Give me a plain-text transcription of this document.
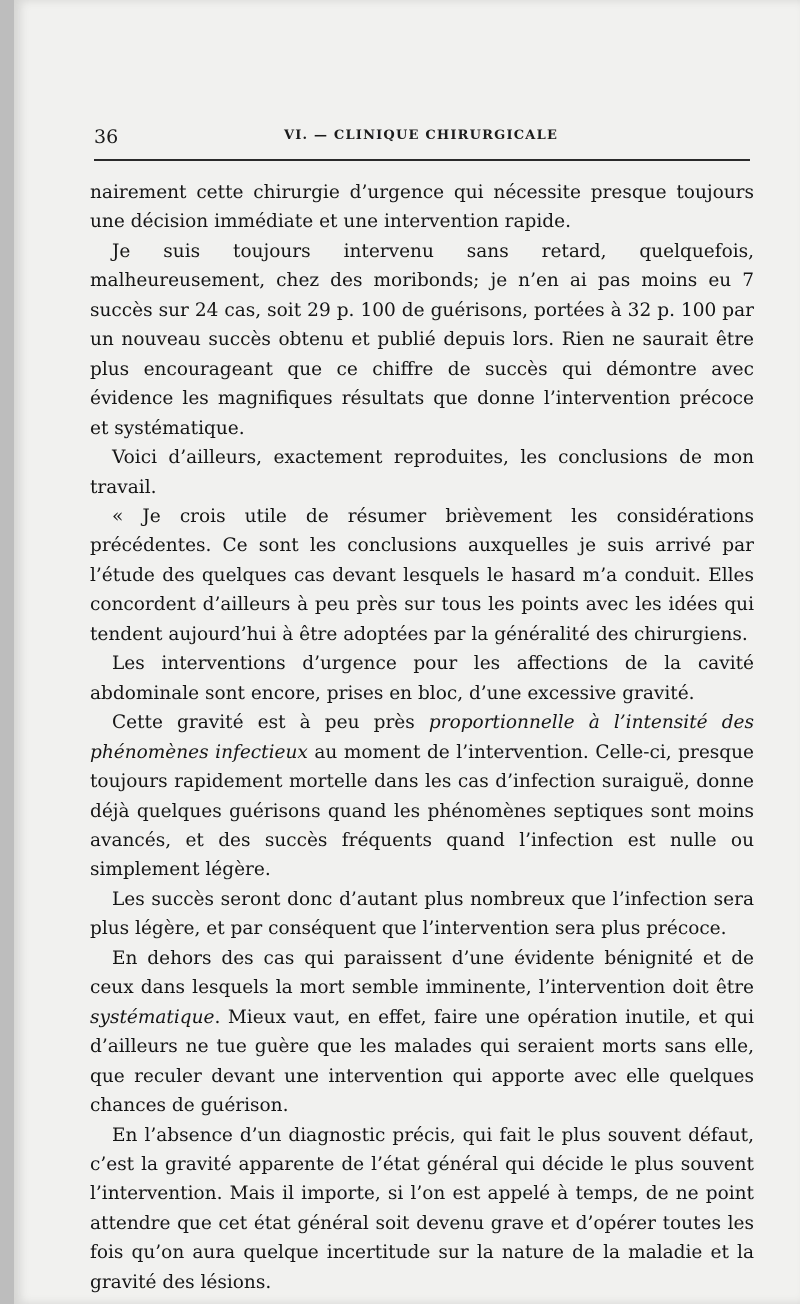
36	VI. — CLINIQUE CHIRURGICALE

nairement cette chirurgie d’urgence qui nécessite presque toujours une décision immédiate et une intervention rapide.

Je suis toujours intervenu sans retard, quelquefois, malheureusement, chez des moribonds; je n’en ai pas moins eu 7 succès sur 24 cas, soit 29 p. 100 de guérisons, portées à 32 p. 100 par un nouveau succès obtenu et publié depuis lors. Rien ne saurait être plus encourageant que ce chiffre de succès qui démontre avec évidence les magnifiques résultats que donne l’intervention précoce et systématique.

Voici d’ailleurs, exactement reproduites, les conclusions de mon travail.

« Je crois utile de résumer brièvement les considérations précédentes. Ce sont les conclusions auxquelles je suis arrivé par l’étude des quelques cas devant lesquels le hasard m’a conduit. Elles concordent d’ailleurs à peu près sur tous les points avec les idées qui tendent aujourd’hui à être adoptées par la généralité des chirurgiens.

Les interventions d’urgence pour les affections de la cavité abdominale sont encore, prises en bloc, d’une excessive gravité.

Cette gravité est à peu près proportionnelle à l’intensité des phénomènes infectieux au moment de l’intervention. Celle-ci, presque toujours rapidement mortelle dans les cas d’infection suraiguë, donne déjà quelques guérisons quand les phénomènes septiques sont moins avancés, et des succès fréquents quand l’infection est nulle ou simplement légère.

Les succès seront donc d’autant plus nombreux que l’infection sera plus légère, et par conséquent que l’intervention sera plus précoce.

En dehors des cas qui paraissent d’une évidente bénignité et de ceux dans lesquels la mort semble imminente, l’intervention doit être systématique. Mieux vaut, en effet, faire une opération inutile, et qui d’ailleurs ne tue guère que les malades qui seraient morts sans elle, que reculer devant une intervention qui apporte avec elle quelques chances de guérison.

En l’absence d’un diagnostic précis, qui fait le plus souvent défaut, c’est la gravité apparente de l’état général qui décide le plus souvent l’intervention. Mais il importe, si l’on est appelé à temps, de ne point attendre que cet état général soit devenu grave et d’opérer toutes les fois qu’on aura quelque incertitude sur la nature de la maladie et la gravité des lésions.
